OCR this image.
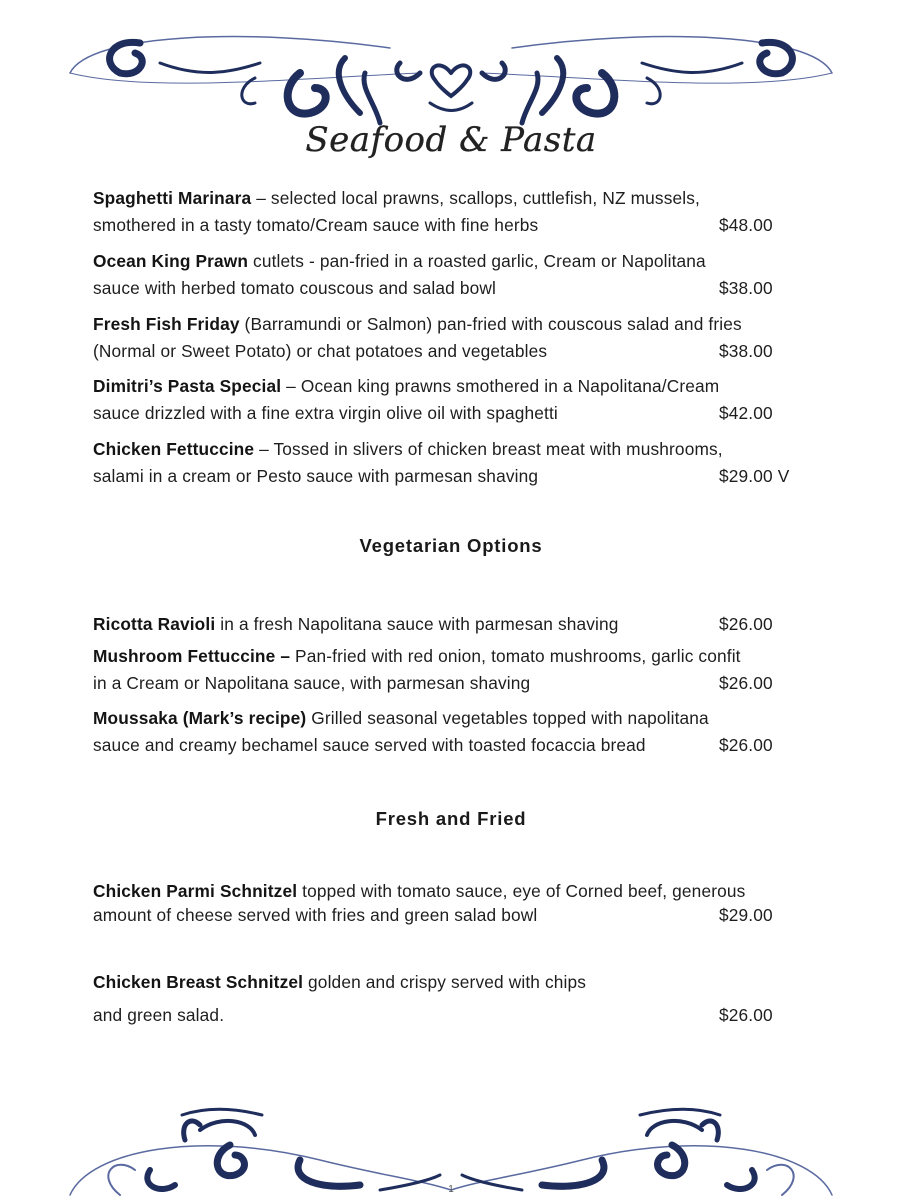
Seafood & Pasta
Spaghetti Marinara – selected local prawns, scallops, cuttlefish, NZ mussels,
smothered in a tasty tomato/Cream sauce with fine herbs	$48.00
Ocean King Prawn cutlets - pan-fried in a roasted garlic, Cream or Napolitana
sauce with herbed tomato couscous and salad bowl	$38.00
Fresh Fish Friday (Barramundi or Salmon) pan-fried with couscous salad and fries
(Normal or Sweet Potato) or chat potatoes and vegetables	$38.00
Dimitri’s Pasta Special – Ocean king prawns smothered in a Napolitana/Cream
sauce drizzled with a fine extra virgin olive oil with spaghetti	$42.00
Chicken Fettuccine – Tossed in slivers of chicken breast meat with mushrooms,
salami in a cream or Pesto sauce with parmesan shaving	$29.00 V
Vegetarian Options
Ricotta Ravioli in a fresh Napolitana sauce with parmesan shaving	$26.00
Mushroom Fettuccine – Pan-fried with red onion, tomato mushrooms, garlic confit
in a Cream or Napolitana sauce, with parmesan shaving	$26.00
Moussaka (Mark’s recipe) Grilled seasonal vegetables topped with napolitana
sauce and creamy bechamel sauce served with toasted focaccia bread	$26.00
Fresh and Fried
Chicken Parmi Schnitzel topped with tomato sauce, eye of Corned beef, generous
amount of cheese served with fries and green salad bowl	$29.00
Chicken Breast Schnitzel golden and crispy served with chips
and green salad.	$26.00
1
